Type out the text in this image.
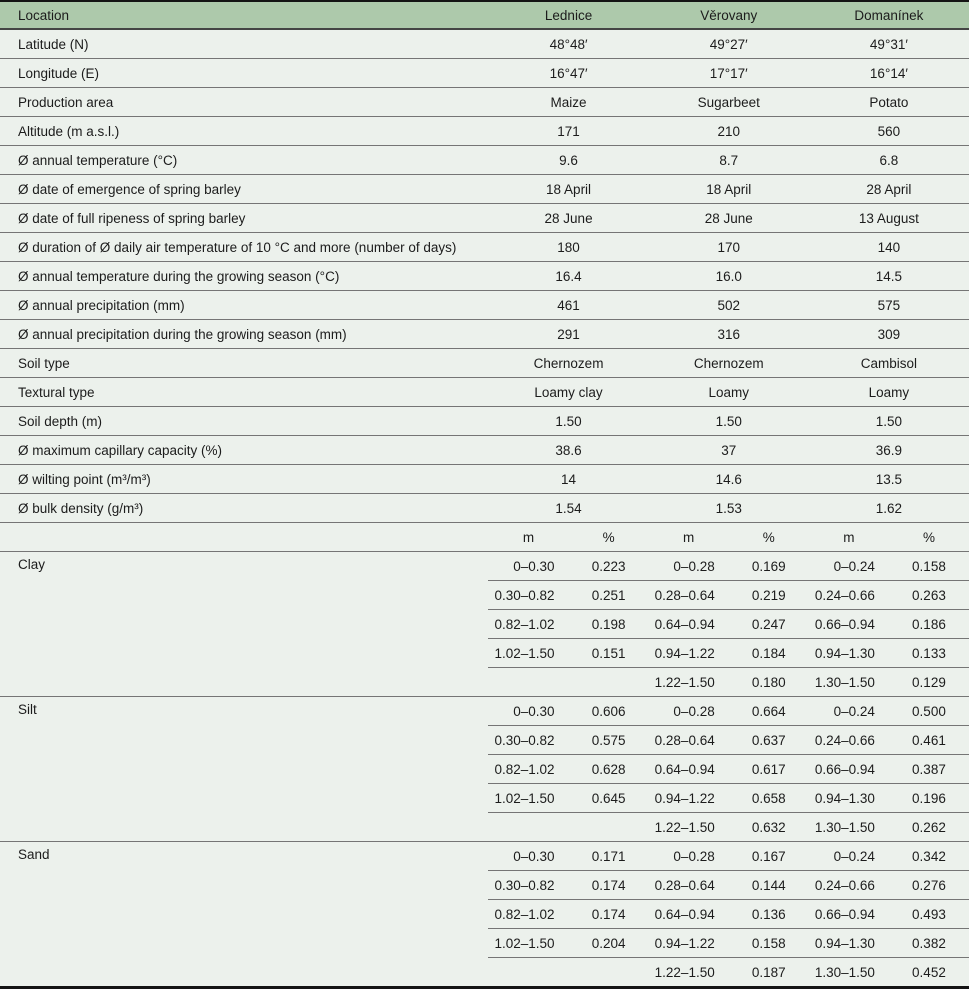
Location	Lednice		Věrovany		Domanínek	
Latitude (N)	48°48′		49°27′		49°31′	
Longitude (E)	16°47′		17°17′		16°14′	
Production area	Maize		Sugarbeet		Potato	
Altitude (m a.s.l.)	171		210		560	
Ø annual temperature (°C)	9.6		8.7		6.8	
Ø date of emergence of spring barley	18 April		18 April		28 April	
Ø date of full ripeness of spring barley	28 June		28 June		13 August	
Ø duration of Ø daily air temperature of 10 °C and more (number of days)	180		170		140	
Ø annual temperature during the growing season (°C)	16.4		16.0		14.5	
Ø annual precipitation (mm)	461		502		575	
Ø annual precipitation during the growing season (mm)	291		316		309	
Soil type	Chernozem		Chernozem		Cambisol	
Textural type	Loamy clay		Loamy		Loamy	
Soil depth (m)	1.50		1.50		1.50	
Ø maximum capillary capacity (%)	38.6		37		36.9	
Ø wilting point (m³/m³)	14		14.6		13.5	
Ø bulk density (g/m³)	1.54		1.53		1.62	
	m	%	m	%	m	%
Clay	0–0.30	0.223	0–0.28	0.169	0–0.24	0.158
	0.30–0.82	0.251	0.28–0.64	0.219	0.24–0.66	0.263
	0.82–1.02	0.198	0.64–0.94	0.247	0.66–0.94	0.186
	1.02–1.50	0.151	0.94–1.22	0.184	0.94–1.30	0.133
			1.22–1.50	0.180	1.30–1.50	0.129
Silt	0–0.30	0.606	0–0.28	0.664	0–0.24	0.500
	0.30–0.82	0.575	0.28–0.64	0.637	0.24–0.66	0.461
	0.82–1.02	0.628	0.64–0.94	0.617	0.66–0.94	0.387
	1.02–1.50	0.645	0.94–1.22	0.658	0.94–1.30	0.196
			1.22–1.50	0.632	1.30–1.50	0.262
Sand	0–0.30	0.171	0–0.28	0.167	0–0.24	0.342
	0.30–0.82	0.174	0.28–0.64	0.144	0.24–0.66	0.276
	0.82–1.02	0.174	0.64–0.94	0.136	0.66–0.94	0.493
	1.02–1.50	0.204	0.94–1.22	0.158	0.94–1.30	0.382
			1.22–1.50	0.187	1.30–1.50	0.452
